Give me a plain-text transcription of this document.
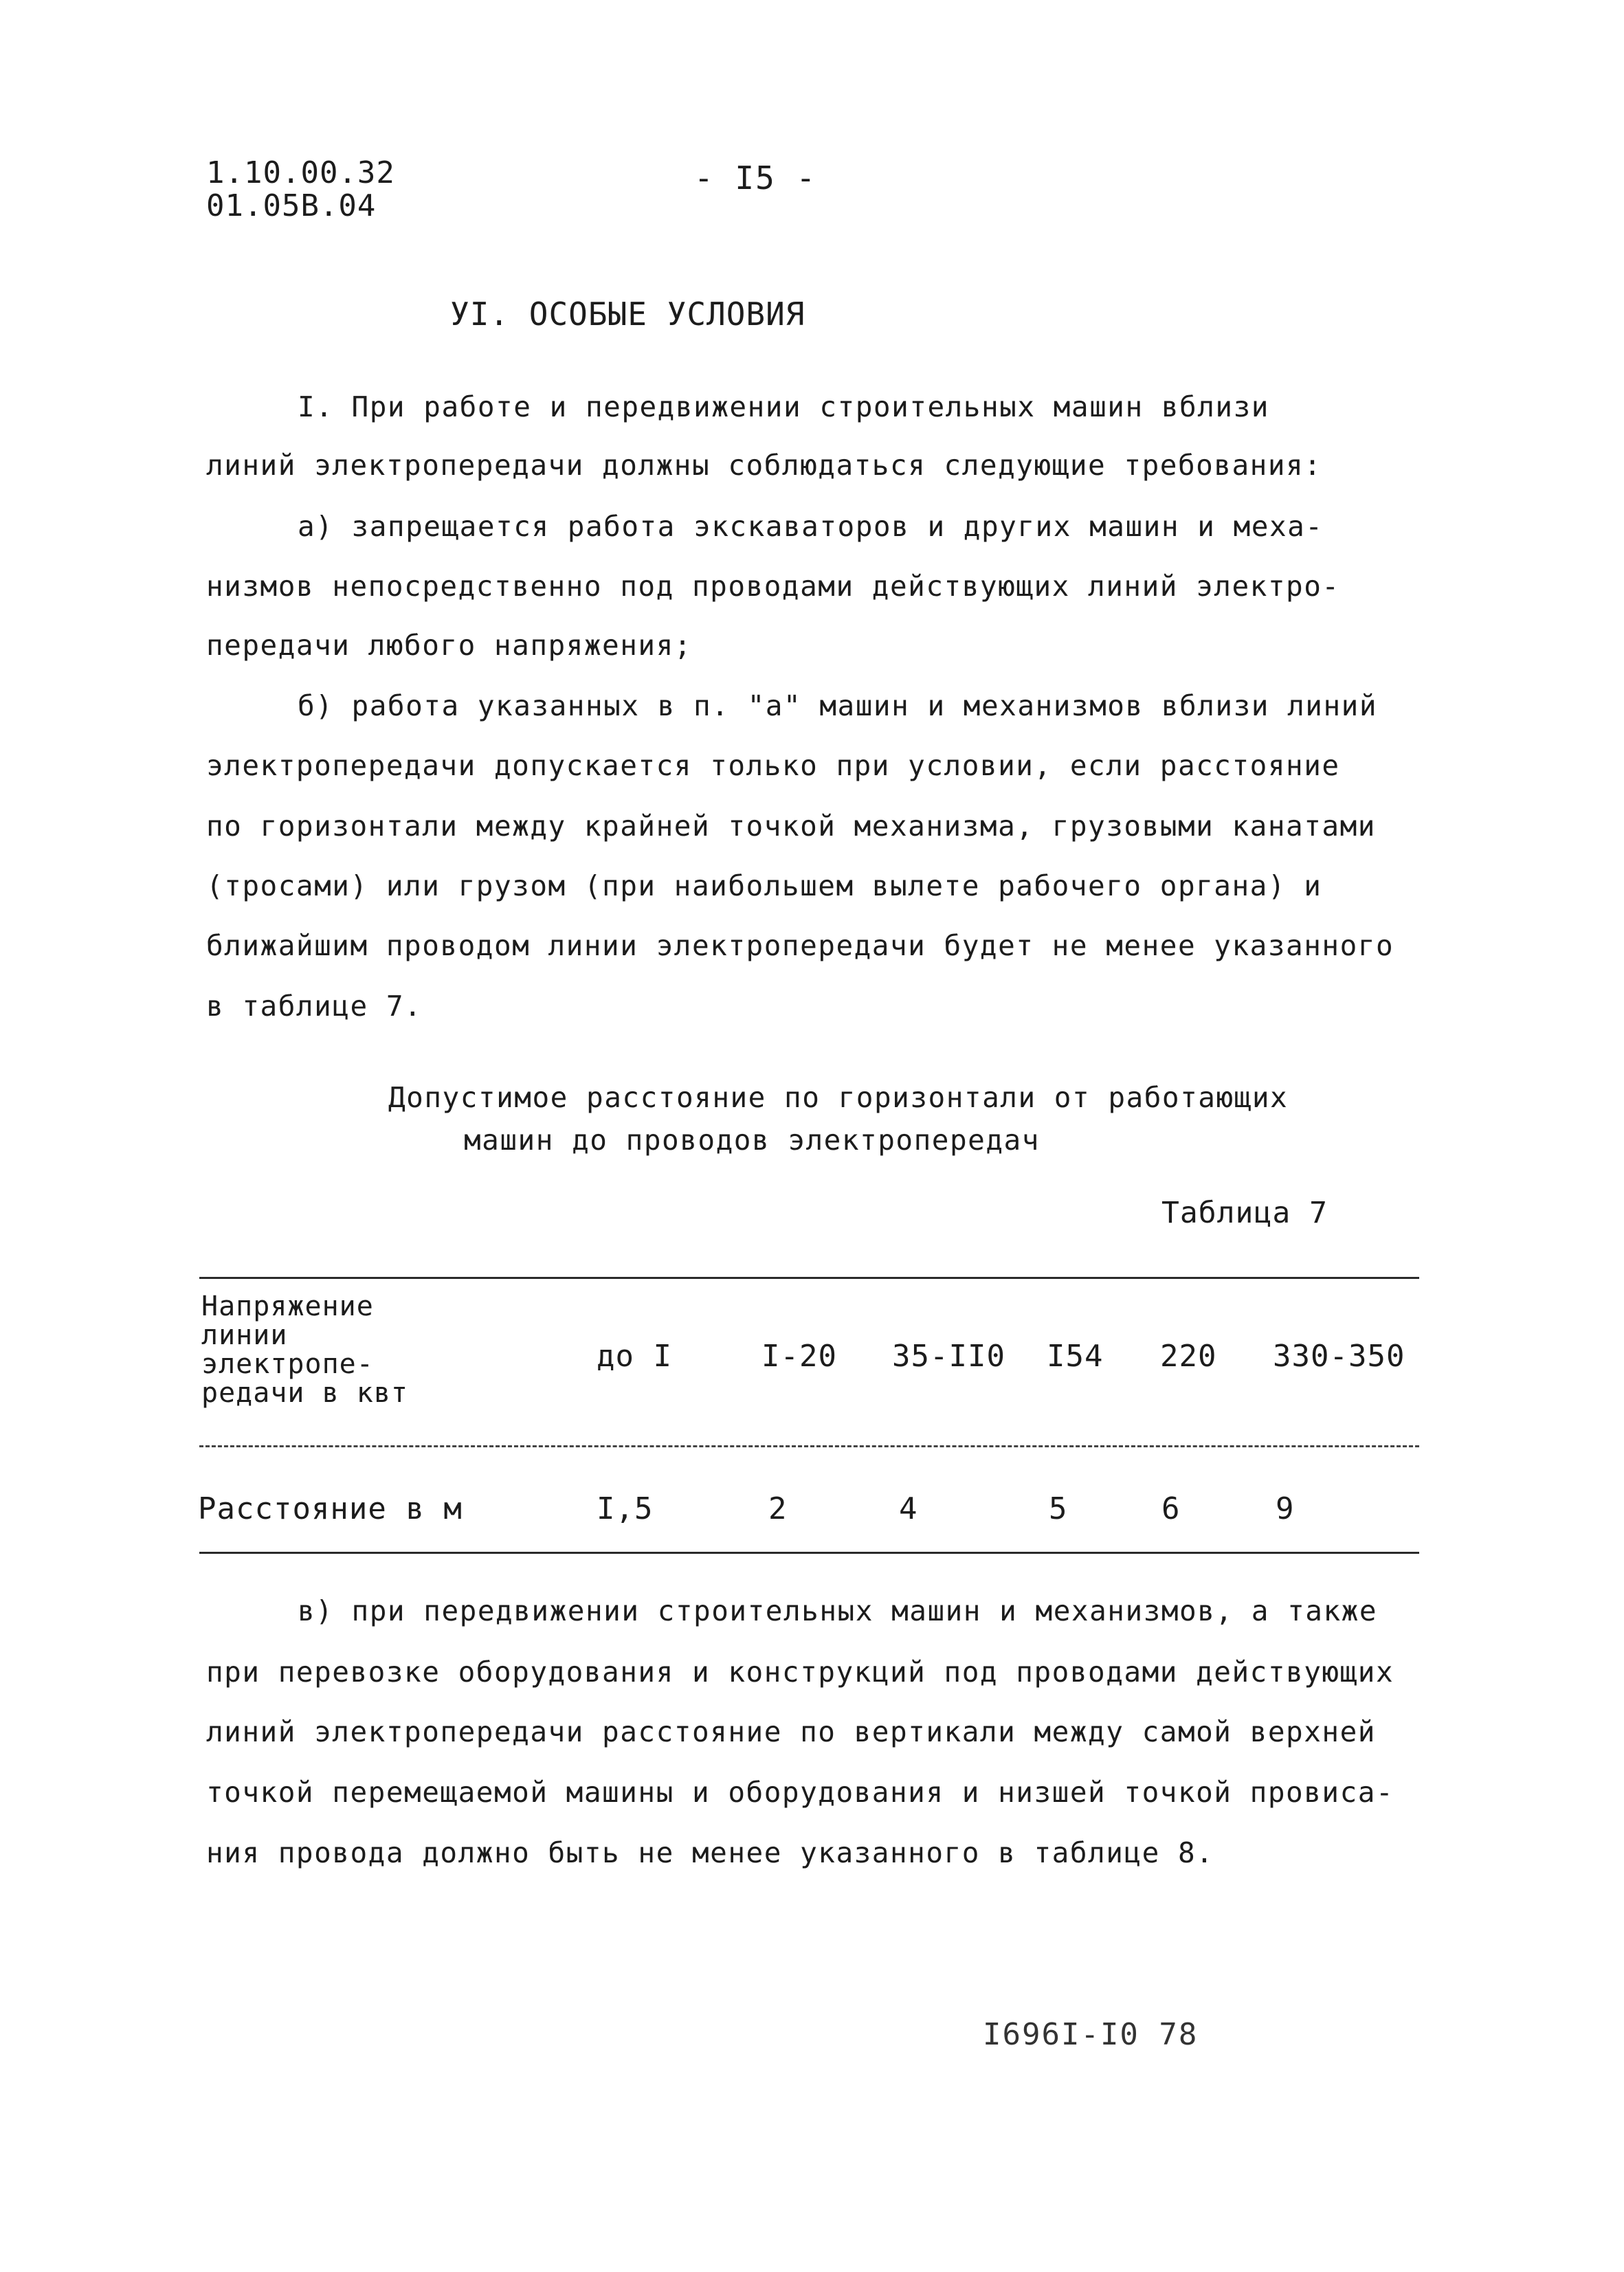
1.10.00.32
01.05В.04
- I5 -
УI. ОСОБЫЕ УСЛОВИЯ
I. При работе и передвижении строительных машин вблизи
линий электропередачи должны соблюдаться следующие требования:
а) запрещается работа экскаваторов и других машин и меха-
низмов непосредственно под проводами действующих линий электро-
передачи любого напряжения;
б) работа указанных в п. "а" машин и механизмов вблизи линий
электропередачи допускается только при условии, если расстояние
по горизонтали между крайней точкой механизма, грузовыми канатами
(тросами) или грузом (при наибольшем вылете рабочего органа) и
ближайшим проводом линии электропередачи будет не менее указанного
в таблице 7.
Допустимое расстояние по горизонтали от работающих
машин до проводов электропередач
Таблица 7
Напряжение
линии
электропе-
редачи в квт
до I	I-20 35-II0 I54 220 330-350
Расстояние в м	I,5	2	4	5	6	9
в) при передвижении строительных машин и механизмов, а также
при перевозке оборудования и конструкций под проводами действующих
линий электропередачи расстояние по вертикали между самой верхней
точкой перемещаемой машины и оборудования и низшей точкой провиса-
ния провода должно быть не менее указанного в таблице 8.
I696I-I0 78
